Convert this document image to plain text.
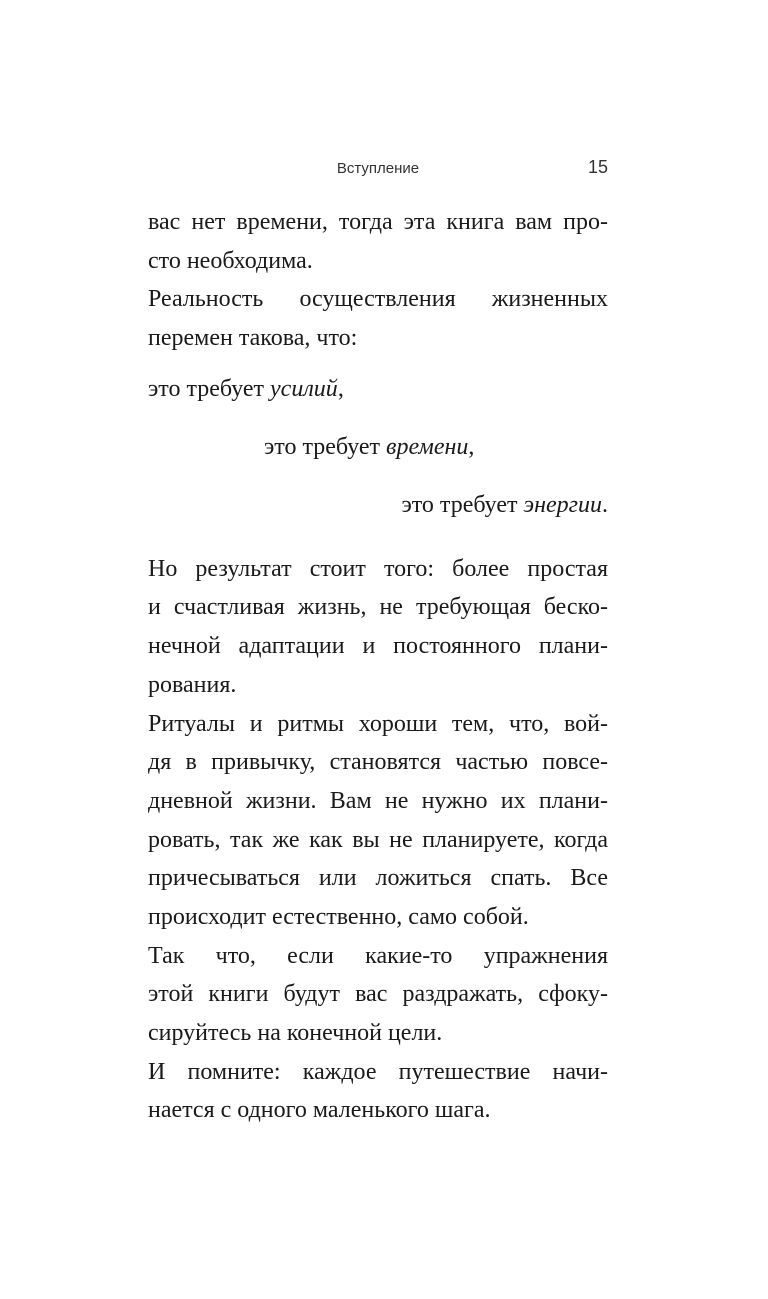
Вступление	15
вас нет времени, тогда эта книга вам про-
сто необходима.
Реальность осуществления жизненных
перемен такова, что:
это требует усилий,
это требует времени,
это требует энергии.
Но результат стоит того: более простая
и счастливая жизнь, не требующая беско-
нечной адаптации и постоянного плани-
рования.
Ритуалы и ритмы хороши тем, что, вой-
дя в привычку, становятся частью повсе-
дневной жизни. Вам не нужно их плани-
ровать, так же как вы не планируете, когда
причесываться или ложиться спать. Все
происходит естественно, само собой.
Так что, если какие-то упражнения
этой книги будут вас раздражать, сфоку-
сируйтесь на конечной цели.
И помните: каждое путешествие начи-
нается с одного маленького шага.
